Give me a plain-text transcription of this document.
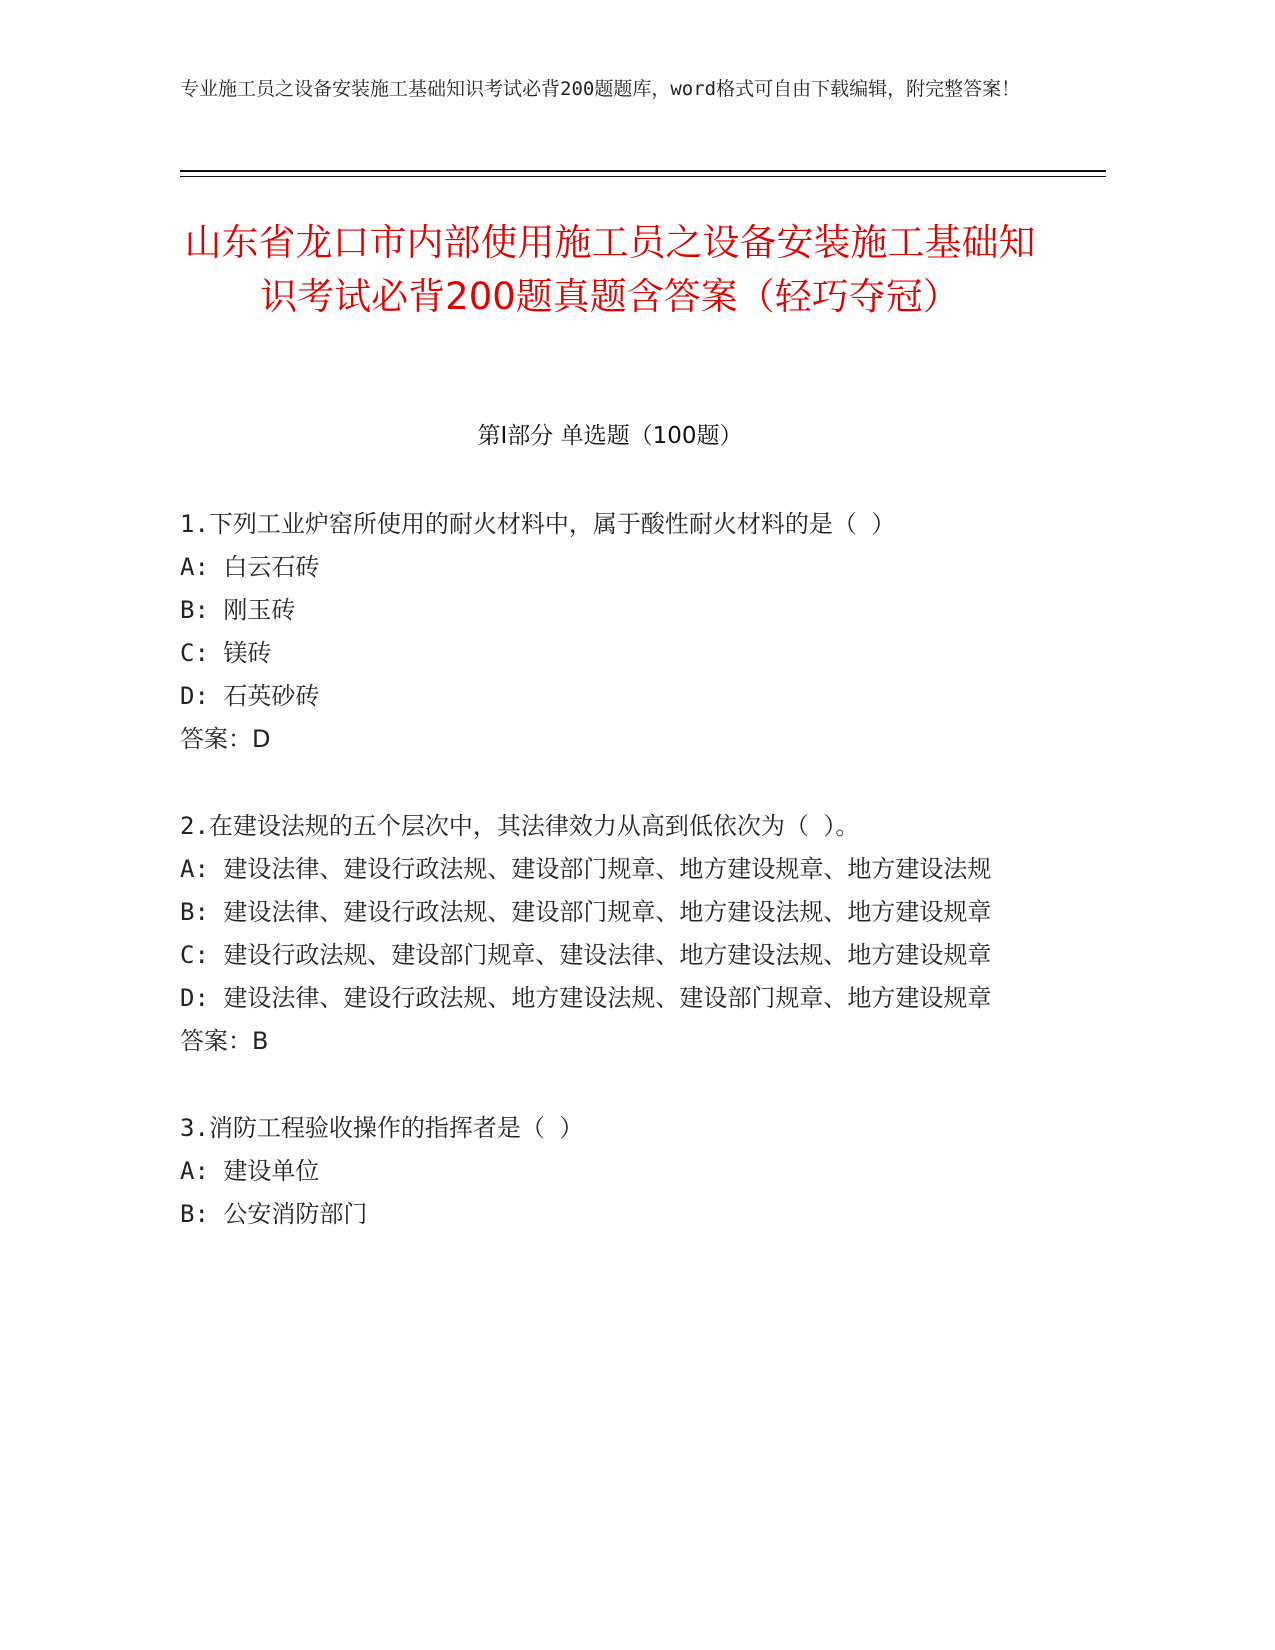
专业施工员之设备安装施工基础知识考试必背200题题库，word格式可自由下载编辑，附完整答案！
山东省龙口市内部使用施工员之设备安装施工基础知识考试必背200题真题含答案（轻巧夺冠）
第Ⅰ部分 单选题（100题）

1.下列工业炉窑所使用的耐火材料中，属于酸性耐火材料的是（ ）

A: 白云石砖

B: 刚玉砖

C: 镁砖

D: 石英砂砖

答案：D

2.在建设法规的五个层次中，其法律效力从高到低依次为（ ）。

A: 建设法律、建设行政法规、建设部门规章、地方建设规章、地方建设法规

B: 建设法律、建设行政法规、建设部门规章、地方建设法规、地方建设规章

C: 建设行政法规、建设部门规章、建设法律、地方建设法规、地方建设规章

D: 建设法律、建设行政法规、地方建设法规、建设部门规章、地方建设规章

答案：B

3.消防工程验收操作的指挥者是（ ）

A: 建设单位

B: 公安消防部门
